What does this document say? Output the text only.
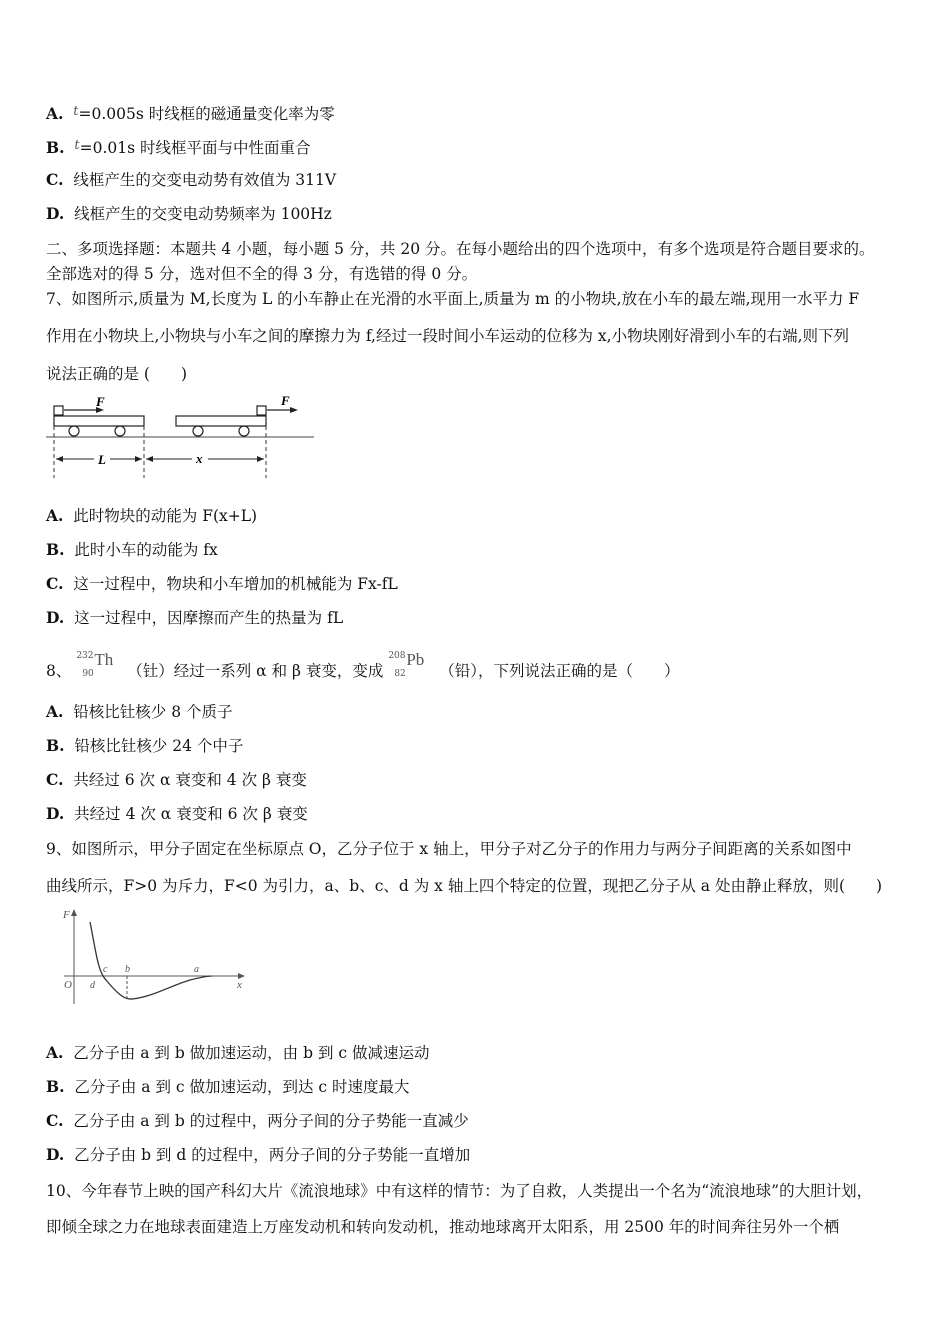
A. $^t$=0.005s 时线框的磁通量变化率为零
B. $^t$=0.01s 时线框平面与中性面重合
C. 线框产生的交变电动势有效值为 311V
D. 线框产生的交变电动势频率为 100Hz
二、多项选择题：本题共 4 小题，每小题 5 分，共 20 分。在每小题给出的四个选项中，有多个选项是符合题目要求的。
全部选对的得 5 分，选对但不全的得 3 分，有选错的得 0 分。
7、如图所示,质量为 M,长度为 L 的小车静止在光滑的水平面上,质量为 m 的小物块,放在小车的最左端,现用一水平力 F
作用在小物块上,小物块与小车之间的摩擦力为 f,经过一段时间小车运动的位移为 x,小物块刚好滑到小车的右端,则下列
说法正确的是 (　　)
F	F
L	x
A. 此时物块的动能为 F(x+L)
B. 此时小车的动能为 fx
C. 这一过程中，物块和小车增加的机械能为 Fx-fL
D. 这一过程中，因摩擦而产生的热量为 fL
8、
232
90
Th
（钍）经过一系列 α 和 β 衰变，变成
208
82
Pb
（铅），下列说法正确的是（　　）
A. 铅核比钍核少 8 个质子
B. 铅核比钍核少 24 个中子
C. 共经过 6 次 α 衰变和 4 次 β 衰变
D. 共经过 4 次 α 衰变和 6 次 β 衰变
9、如图所示，甲分子固定在坐标原点 O，乙分子位于 x 轴上，甲分子对乙分子的作用力与两分子间距离的关系如图中
曲线所示，F>0 为斥力，F<0 为引力，a、b、c、d 为 x 轴上四个特定的位置，现把乙分子从 a 处由静止释放，则(　　)
F
O	x
c b	a
d
A. 乙分子由 a 到 b 做加速运动，由 b 到 c 做减速运动
B. 乙分子由 a 到 c 做加速运动，到达 c 时速度最大
C. 乙分子由 a 到 b 的过程中，两分子间的分子势能一直减少
D. 乙分子由 b 到 d 的过程中，两分子间的分子势能一直增加
10、今年春节上映的国产科幻大片《流浪地球》中有这样的情节：为了自救，人类提出一个名为“流浪地球”的大胆计划，
即倾全球之力在地球表面建造上万座发动机和转向发动机，推动地球离开太阳系，用 2500 年的时间奔往另外一个栖
